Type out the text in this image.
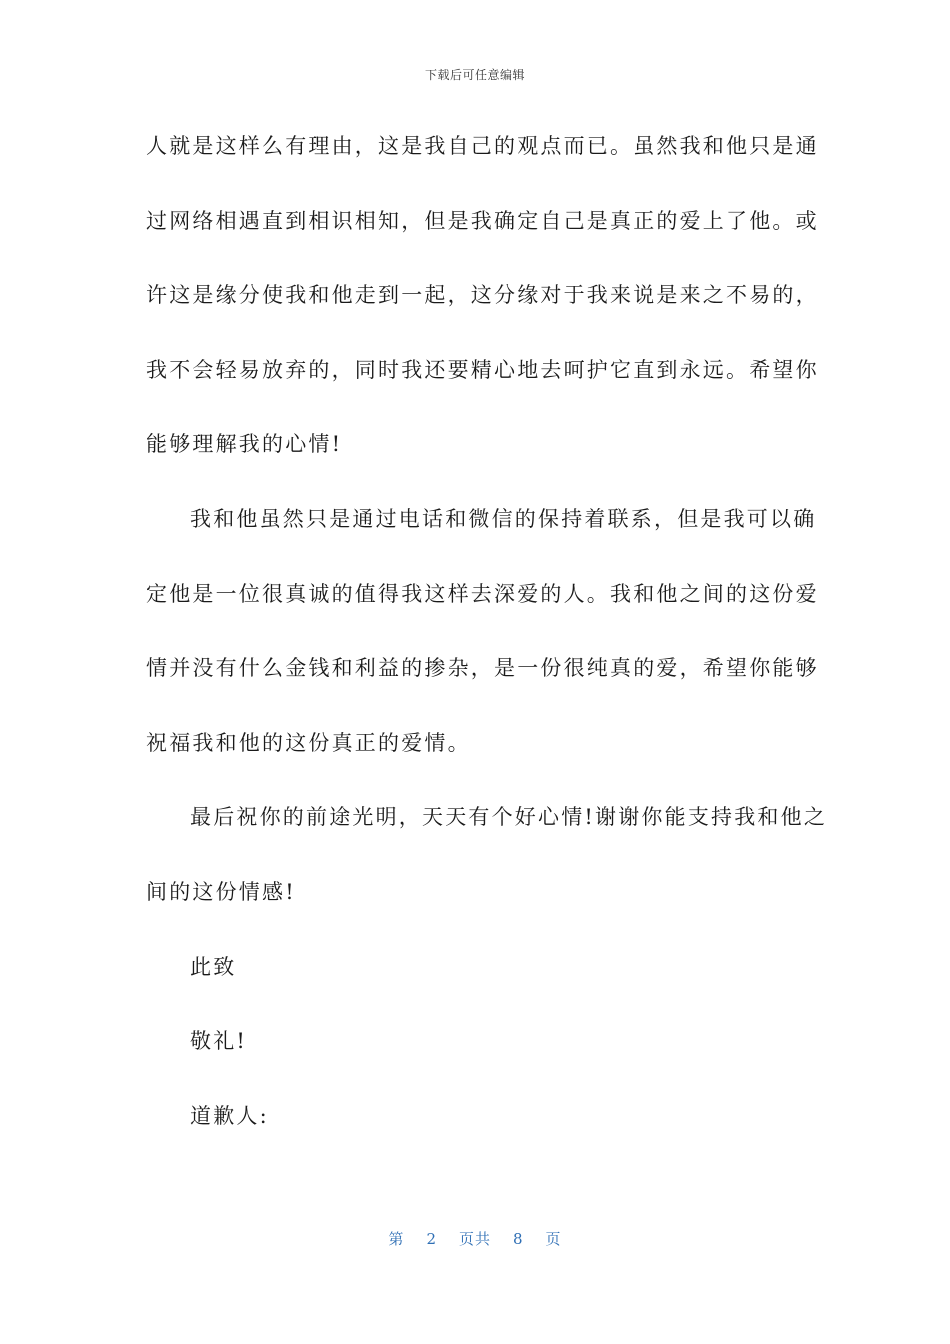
下载后可任意编辑
人就是这样么有理由，这是我自己的观点而已。虽然我和他只是通
过网络相遇直到相识相知，但是我确定自己是真正的爱上了他。或
许这是缘分使我和他走到一起，这分缘对于我来说是来之不易的，
我不会轻易放弃的，同时我还要精心地去呵护它直到永远。希望你
能够理解我的心情!
我和他虽然只是通过电话和微信的保持着联系，但是我可以确
定他是一位很真诚的值得我这样去深爱的人。我和他之间的这份爱
情并没有什么金钱和利益的掺杂，是一份很纯真的爱，希望你能够
祝福我和他的这份真正的爱情。
最后祝你的前途光明，天天有个好心情!谢谢你能支持我和他之
间的这份情感!
此致
敬礼!
道歉人:
第 2 页共 8 页
